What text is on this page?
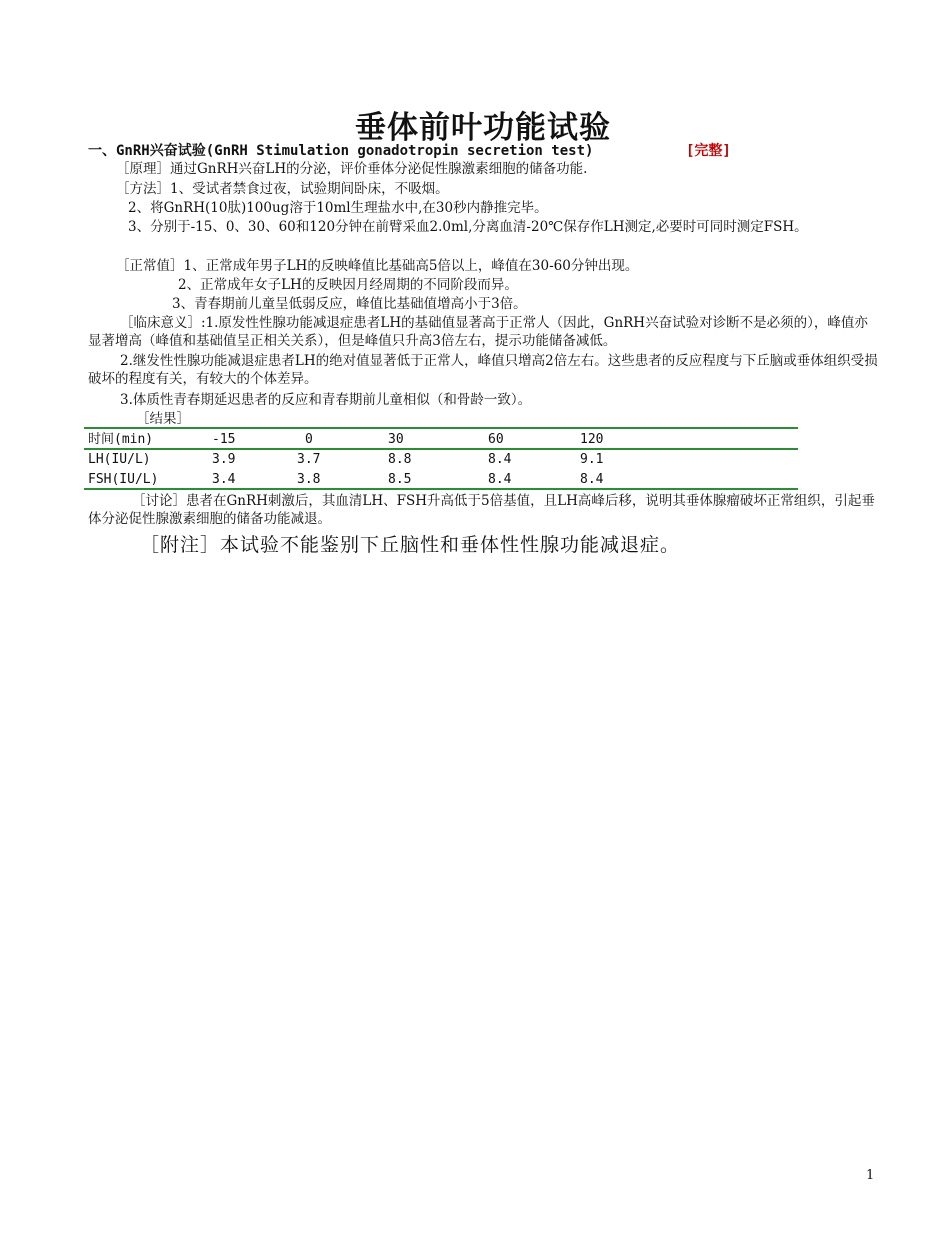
垂体前叶功能试验
一、GnRH兴奋试验(GnRH Stimulation gonadotropin secretion test)	[完整]
［原理］通过GnRH兴奋LH的分泌，评价垂体分泌促性腺激素细胞的储备功能.
［方法］1、受试者禁食过夜，试验期间卧床，不吸烟。
2、将GnRH(10肽)100ug溶于10ml生理盐水中,在30秒内静推完毕。
3、分别于-15、0、30、60和120分钟在前臂采血2.0ml,分离血清-20℃保存作LH测定,必要时可同时测定FSH。
［正常值］1、正常成年男子LH的反映峰值比基础高5倍以上，峰值在30-60分钟出现。
2、正常成年女子LH的反映因月经周期的不同阶段而异。
3、青春期前儿童呈低弱反应，峰值比基础值增高小于3倍。
［临床意义］:1.原发性性腺功能减退症患者LH的基础值显著高于正常人（因此，GnRH兴奋试验对诊断不是必须的），峰值亦显著增高（峰值和基础值呈正相关关系），但是峰值只升高3倍左右，提示功能储备减低。
2.继发性性腺功能减退症患者LH的绝对值显著低于正常人，峰值只增高2倍左右。这些患者的反应程度与下丘脑或垂体组织受损破坏的程度有关，有较大的个体差异。
3.体质性青春期延迟患者的反应和青春期前儿童相似（和骨龄一致）。
［结果］
时间(min)	-15	0	30	60	120
LH(IU/L)	3.9	3.7	8.8	8.4	9.1
FSH(IU/L)	3.4	3.8	8.5	8.4	8.4
［讨论］患者在GnRH刺激后，其血清LH、FSH升高低于5倍基值，且LH高峰后移，说明其垂体腺瘤破坏正常组织，引起垂体分泌促性腺激素细胞的储备功能减退。
［附注］本试验不能鉴别下丘脑性和垂体性性腺功能减退症。
1
